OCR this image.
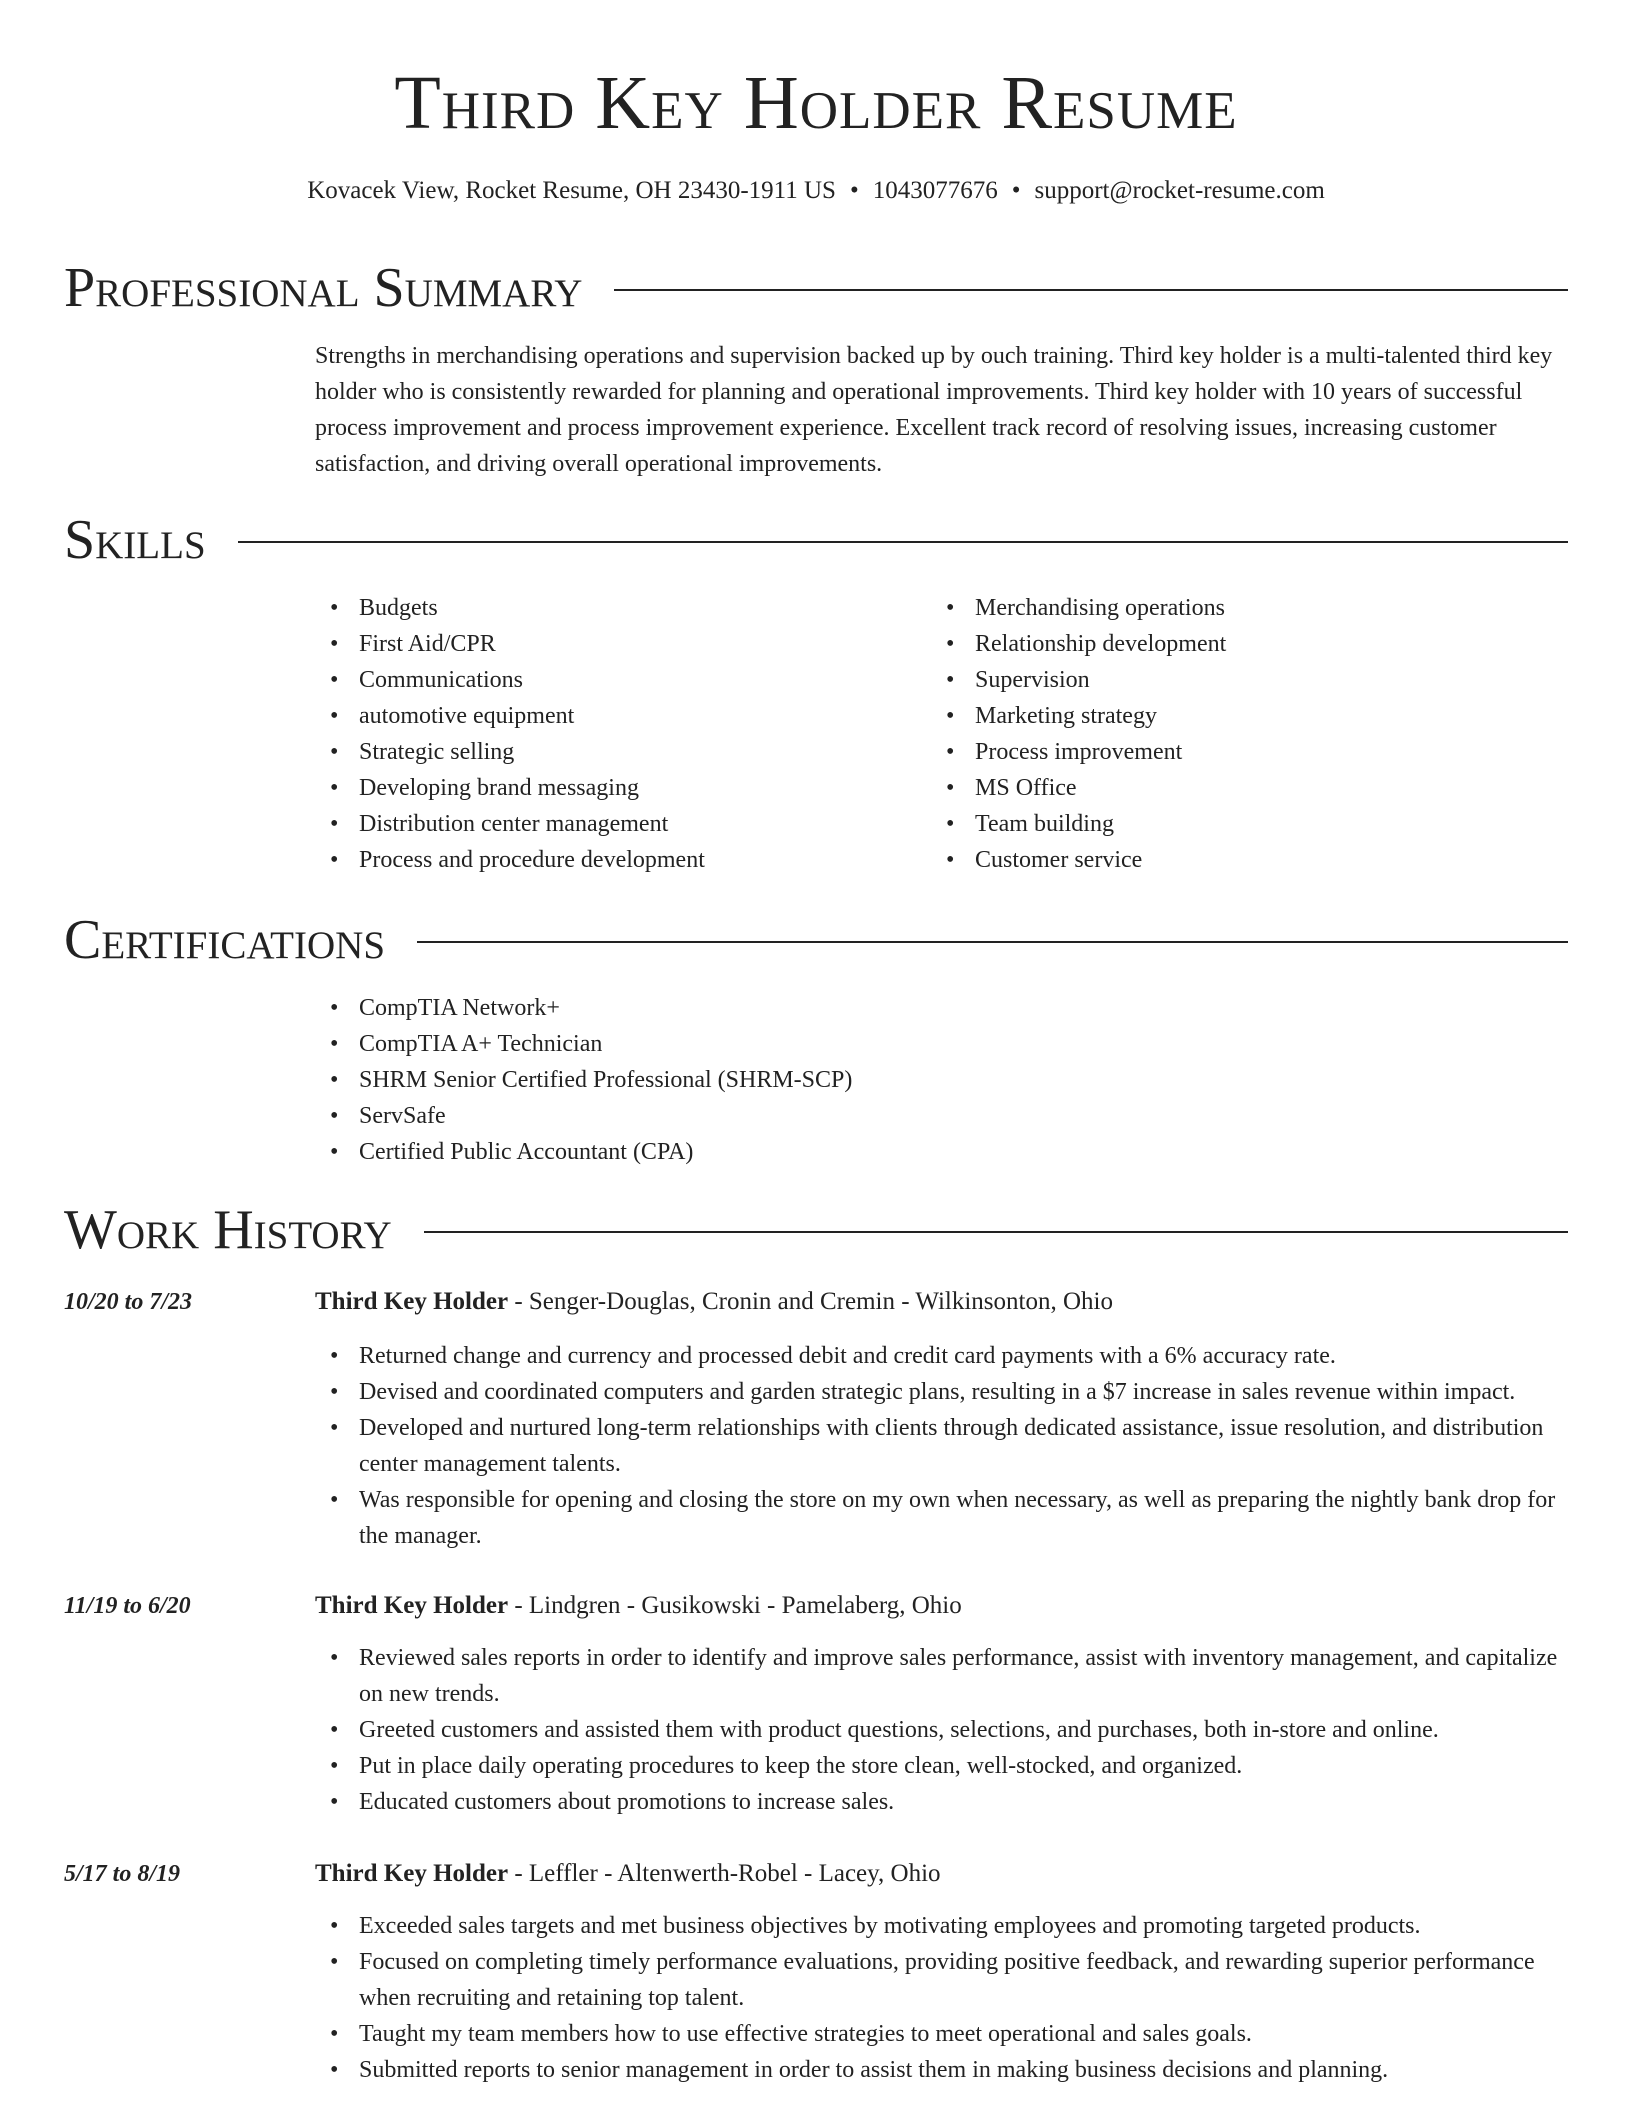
Third Key Holder Resume
Kovacek View, Rocket Resume, OH 23430-1911 US • 1043077676 • support@rocket-resume.com
Professional Summary

Strengths in merchandising operations and supervision backed up by ouch training. Third key holder is a multi-talented third key holder who is consistently rewarded for planning and operational improvements. Third key holder with 10 years of successful process improvement and process improvement experience. Excellent track record of resolving issues, increasing customer satisfaction, and driving overall operational improvements.

Skills
• Budgets
• First Aid/CPR
• Communications
• automotive equipment
• Strategic selling
• Developing brand messaging
• Distribution center management
• Process and procedure development
• Merchandising operations
• Relationship development
• Supervision
• Marketing strategy
• Process improvement
• MS Office
• Team building
• Customer service
Certifications
• CompTIA Network+
• CompTIA A+ Technician
• SHRM Senior Certified Professional (SHRM-SCP)
• ServSafe
• Certified Public Accountant (CPA)
Work History
10/20 to 7/23	Third Key Holder - Senger-Douglas, Cronin and Cremin - Wilkinsonton, Ohio
• Returned change and currency and processed debit and credit card payments with a 6% accuracy rate.
• Devised and coordinated computers and garden strategic plans, resulting in a $7 increase in sales revenue within impact.
• Developed and nurtured long-term relationships with clients through dedicated assistance, issue resolution, and distribution center management talents.
• Was responsible for opening and closing the store on my own when necessary, as well as preparing the nightly bank drop for the manager.
11/19 to 6/20	Third Key Holder - Lindgren - Gusikowski - Pamelaberg, Ohio
• Reviewed sales reports in order to identify and improve sales performance, assist with inventory management, and capitalize on new trends.
• Greeted customers and assisted them with product questions, selections, and purchases, both in-store and online.
• Put in place daily operating procedures to keep the store clean, well-stocked, and organized.
• Educated customers about promotions to increase sales.
5/17 to 8/19	Third Key Holder - Leffler - Altenwerth-Robel - Lacey, Ohio
• Exceeded sales targets and met business objectives by motivating employees and promoting targeted products.
• Focused on completing timely performance evaluations, providing positive feedback, and rewarding superior performance when recruiting and retaining top talent.
• Taught my team members how to use effective strategies to meet operational and sales goals.
• Submitted reports to senior management in order to assist them in making business decisions and planning.
